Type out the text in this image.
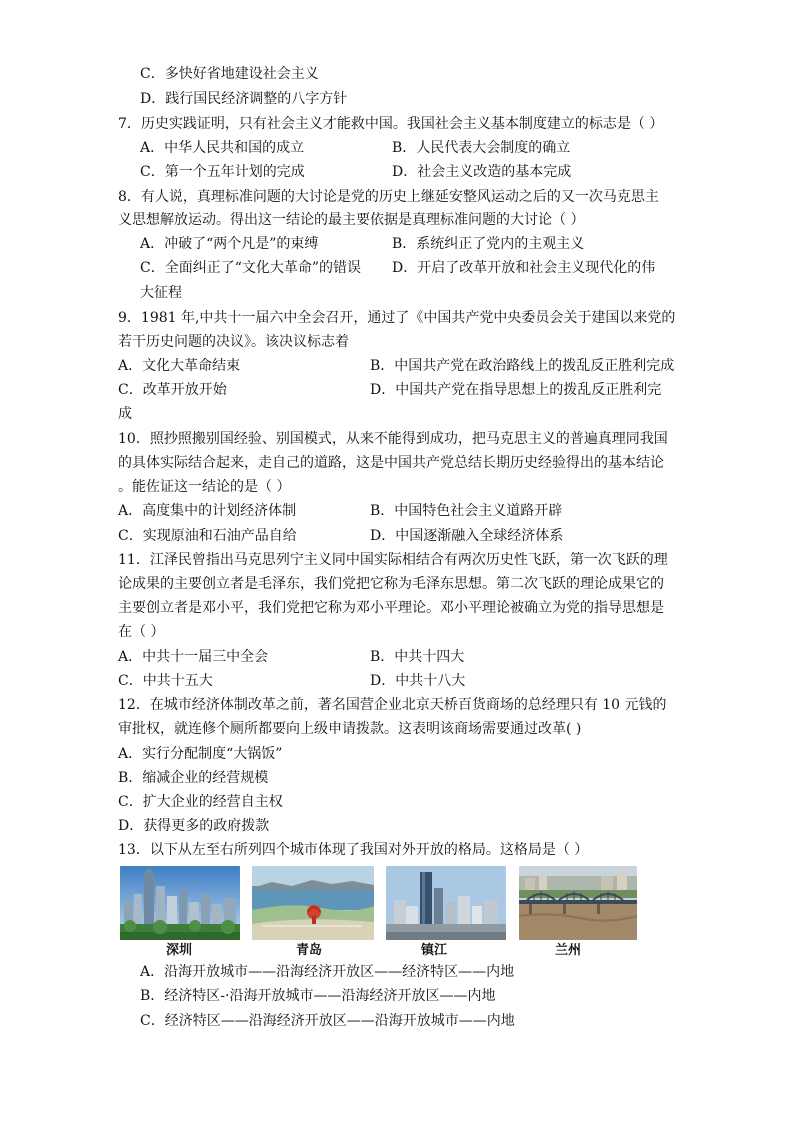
C．多快好省地建设社会主义
D．践行国民经济调整的八字方针
7．历史实践证明，只有社会主义才能救中国。我国社会主义基本制度建立的标志是（ ）
A．中华人民共和国的成立	B．人民代表大会制度的确立
C．第一个五年计划的完成	D．社会主义改造的基本完成
8．有人说，真理标准问题的大讨论是党的历史上继延安整风运动之后的又一次马克思主
义思想解放运动。得出这一结论的最主要依据是真理标准问题的大讨论（ ）
A．冲破了“两个凡是”的束缚	B．系统纠正了党内的主观主义
C．全面纠正了“文化大革命”的错误 D．开启了改革开放和社会主义现代化的伟
大征程
9．1981 年,中共十一届六中全会召开，通过了《中国共产党中央委员会关于建国以来党的
若干历史问题的决议》。该决议标志着
A．文化大革命结束	B．中国共产党在政治路线上的拨乱反正胜利完成
C．改革开放开始	D．中国共产党在指导思想上的拨乱反正胜利完
成
10．照抄照搬别国经验、别国模式，从来不能得到成功，把马克思主义的普遍真理同我国
的具体实际结合起来，走自己的道路，这是中国共产党总结长期历史经验得出的基本结论
。能佐证这一结论的是（ ）
A．高度集中的计划经济体制	B．中国特色社会主义道路开辟
C．实现原油和石油产品自给	D．中国逐渐融入全球经济体系
11．江泽民曾指出马克思列宁主义同中国实际相结合有两次历史性飞跃，第一次飞跃的理
论成果的主要创立者是毛泽东，我们党把它称为毛泽东思想。第二次飞跃的理论成果它的
主要创立者是邓小平，我们党把它称为邓小平理论。邓小平理论被确立为党的指导思想是
在（ ）
A．中共十一届三中全会	B．中共十四大
C．中共十五大	D．中共十八大
12．在城市经济体制改革之前，著名国营企业北京天桥百货商场的总经理只有 10 元钱的
审批权，就连修个厕所都要向上级申请拨款。这表明该商场需要通过改革( )
A．实行分配制度“大锅饭”
B．缩减企业的经营规模
C．扩大企业的经营自主权
D．获得更多的政府拨款
13．以下从左至右所列四个城市体现了我国对外开放的格局。这格局是（ ）
深圳	青岛	镇江	兰州
A．沿海开放城市——沿海经济开放区——经济特区——内地
B．经济特区-·沿海开放城市——沿海经济开放区——内地
C．经济特区——沿海经济开放区——沿海开放城市——内地
